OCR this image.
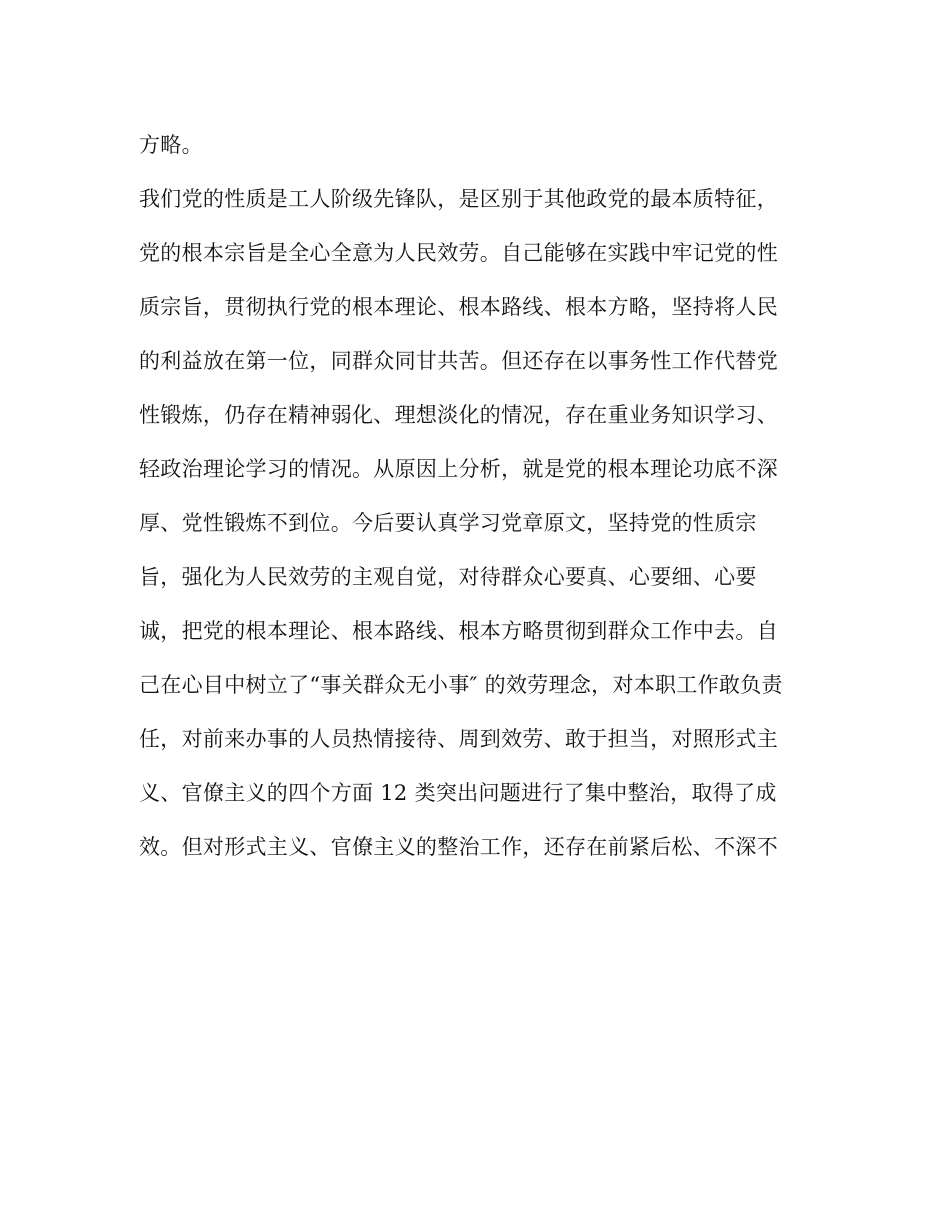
方略。
我们党的性质是工人阶级先锋队，是区别于其他政党的最本质特征，
党的根本宗旨是全心全意为人民效劳。自己能够在实践中牢记党的性
质宗旨，贯彻执行党的根本理论、根本路线、根本方略，坚持将人民
的利益放在第一位，同群众同甘共苦。但还存在以事务性工作代替党
性锻炼，仍存在精神弱化、理想淡化的情况，存在重业务知识学习、
轻政治理论学习的情况。从原因上分析，就是党的根本理论功底不深
厚、党性锻炼不到位。今后要认真学习党章原文，坚持党的性质宗
旨，强化为人民效劳的主观自觉，对待群众心要真、心要细、心要
诚，把党的根本理论、根本路线、根本方略贯彻到群众工作中去。自
己在心目中树立了“事关群众无小事″ 的效劳理念，对本职工作敢负责
任，对前来办事的人员热情接待、周到效劳、敢于担当，对照形式主
义、官僚主义的四个方面 12 类突出问题进行了集中整治，取得了成
效。但对形式主义、官僚主义的整治工作，还存在前紧后松、不深不
